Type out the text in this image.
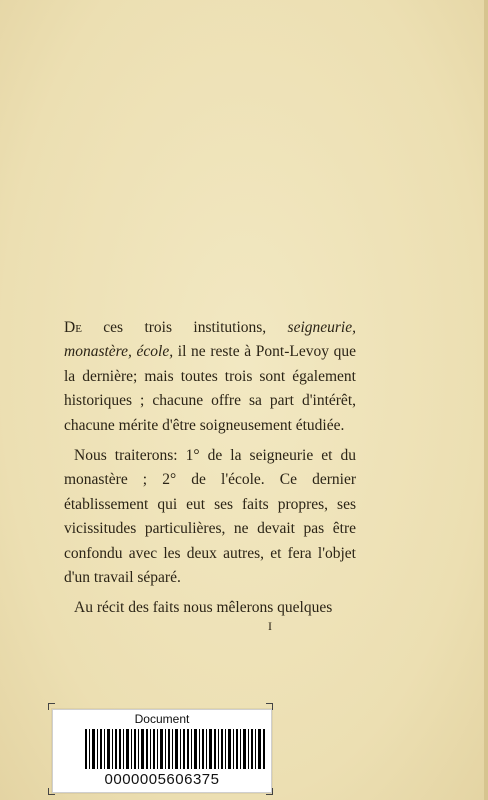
De ces trois institutions, seigneurie, monastère, école, il ne reste à Pont-Levoy que la dernière; mais toutes trois sont également historiques ; chacune offre sa part d'intérêt, chacune mérite d'être soigneusement étudiée.

Nous traiterons: 1° de la seigneurie et du monastère ; 2° de l'école. Ce dernier établissement qui eut ses faits propres, ses vicissitudes particulières, ne devait pas être confondu avec les deux autres, et fera l'objet d'un travail séparé.

Au récit des faits nous mêlerons quelques

I
Document
0000005606375
